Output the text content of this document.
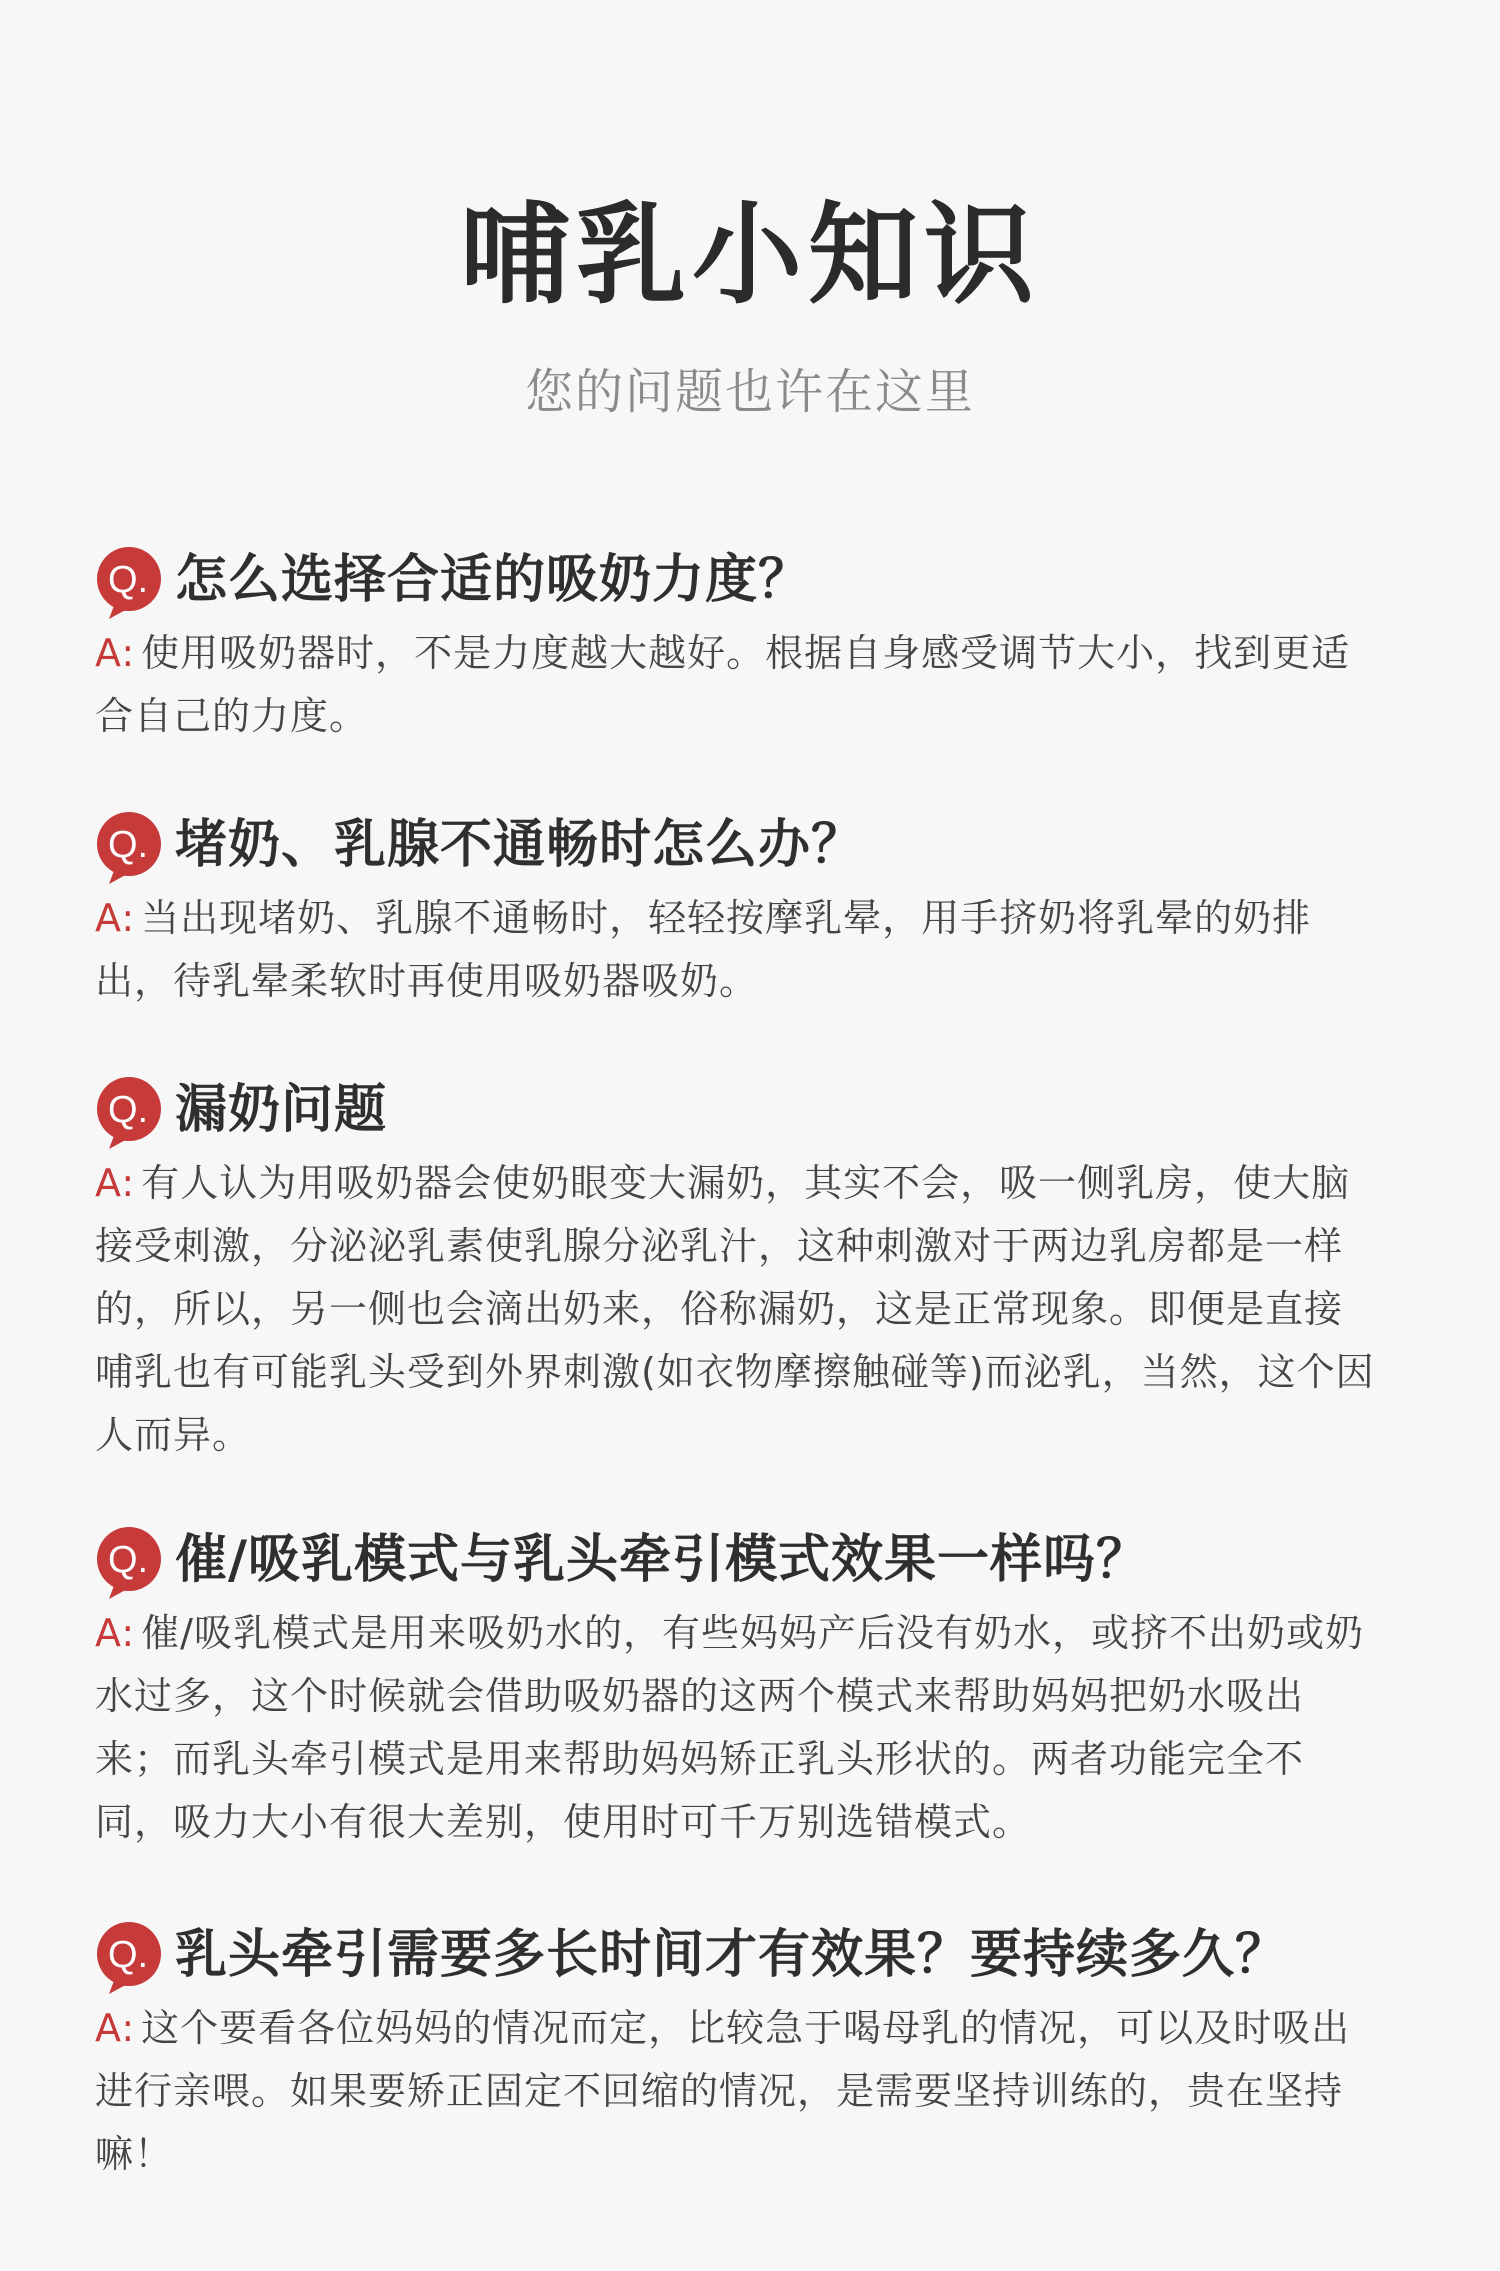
哺乳小知识
您的问题也许在这里
Q. 怎么选择合适的吸奶力度？
A: 使用吸奶器时，不是力度越大越好。根据自身感受调节大小，找到更适合自己的力度。
Q. 堵奶、乳腺不通畅时怎么办？
A: 当出现堵奶、乳腺不通畅时，轻轻按摩乳晕，用手挤奶将乳晕的奶排出，待乳晕柔软时再使用吸奶器吸奶。
Q. 漏奶问题
A: 有人认为用吸奶器会使奶眼变大漏奶，其实不会，吸一侧乳房，使大脑接受刺激，分泌泌乳素使乳腺分泌乳汁，这种刺激对于两边乳房都是一样的，所以，另一侧也会滴出奶来，俗称漏奶，这是正常现象。即便是直接哺乳也有可能乳头受到外界刺激(如衣物摩擦触碰等)而泌乳，当然，这个因人而异。
Q. 催/吸乳模式与乳头牵引模式效果一样吗？
A: 催/吸乳模式是用来吸奶水的，有些妈妈产后没有奶水，或挤不出奶或奶水过多，这个时候就会借助吸奶器的这两个模式来帮助妈妈把奶水吸出来；而乳头牵引模式是用来帮助妈妈矫正乳头形状的。两者功能完全不同，吸力大小有很大差别，使用时可千万别选错模式。
Q. 乳头牵引需要多长时间才有效果？要持续多久？
A: 这个要看各位妈妈的情况而定，比较急于喝母乳的情况，可以及时吸出进行亲喂。如果要矫正固定不回缩的情况，是需要坚持训练的，贵在坚持嘛！
